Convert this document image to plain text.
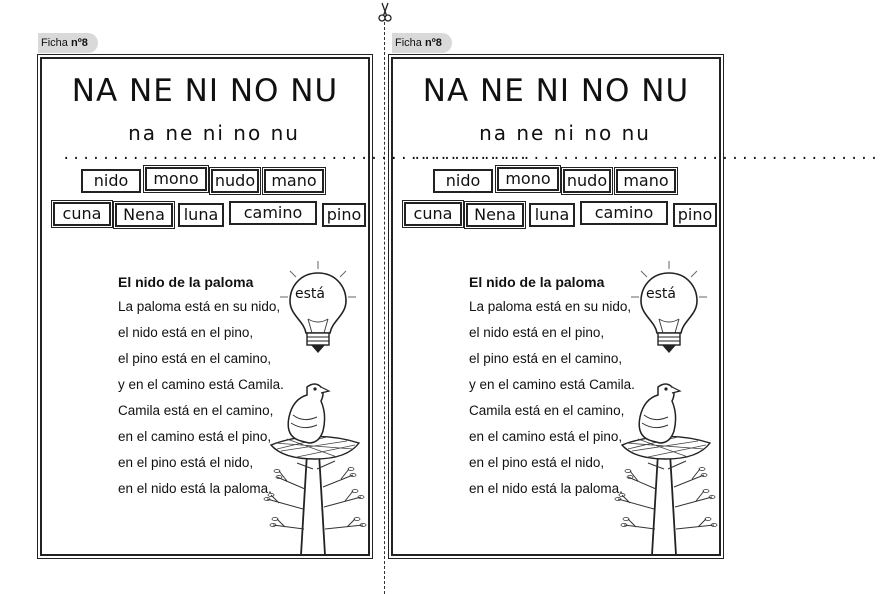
Ficha nº8
NA NE NI NO NU
na ne ni no nu
...............................................
nido	mono	nudo	mano
cuna	Nena	luna	camino	pino
El nido de la paloma
La paloma está en su nido,
el nido está en el pino,
el pino está en el camino,
y en el camino está Camila.
Camila está en el camino,
en el camino está el pino,
en el pino está el nido,
en el nido está la paloma.
está
Ficha nº8
NA NE NI NO NU
na ne ni no nu
...............................................
nido	mono	nudo	mano
cuna	Nena	luna	camino	pino
El nido de la paloma
La paloma está en su nido,
el nido está en el pino,
el pino está en el camino,
y en el camino está Camila.
Camila está en el camino,
en el camino está el pino,
en el pino está el nido,
en el nido está la paloma.
está
